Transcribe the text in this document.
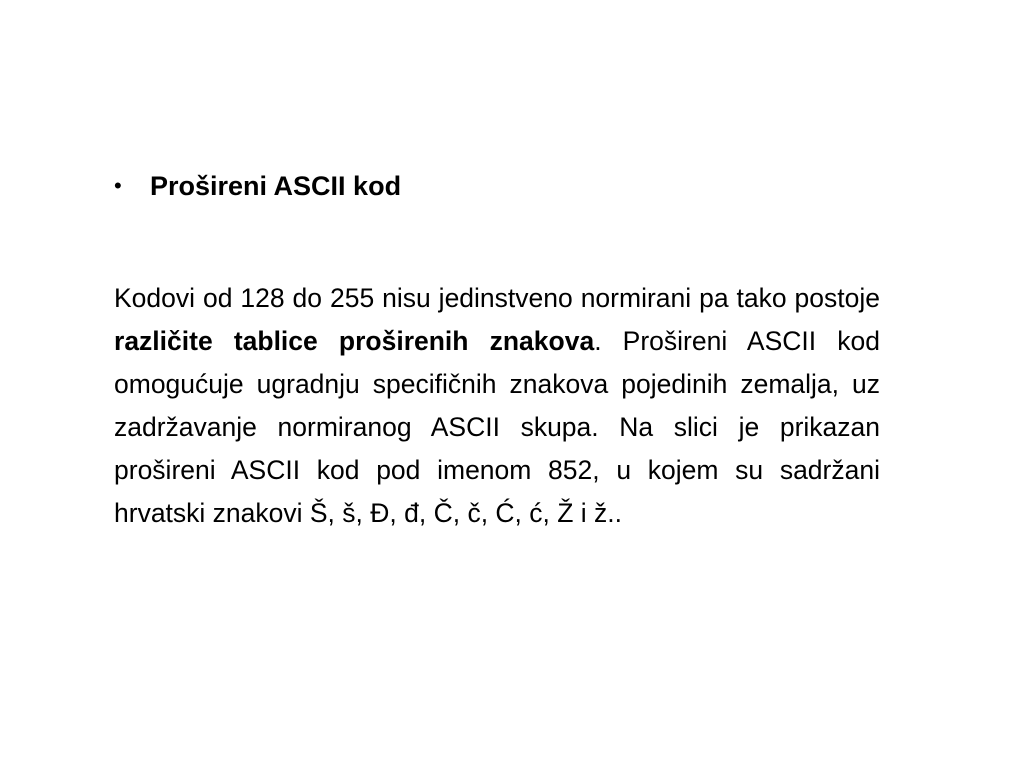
•	Prošireni ASCII kod

Kodovi od 128 do 255 nisu jedinstveno normirani pa tako postoje različite tablice proširenih znakova. Prošireni ASCII kod omogućuje ugradnju specifičnih znakova pojedinih zemalja, uz zadržavanje normiranog ASCII skupa. Na slici je prikazan prošireni ASCII kod pod imenom 852, u kojem su sadržani hrvatski znakovi Š, š, Đ, đ, Č, č, Ć, ć, Ž i ž..
